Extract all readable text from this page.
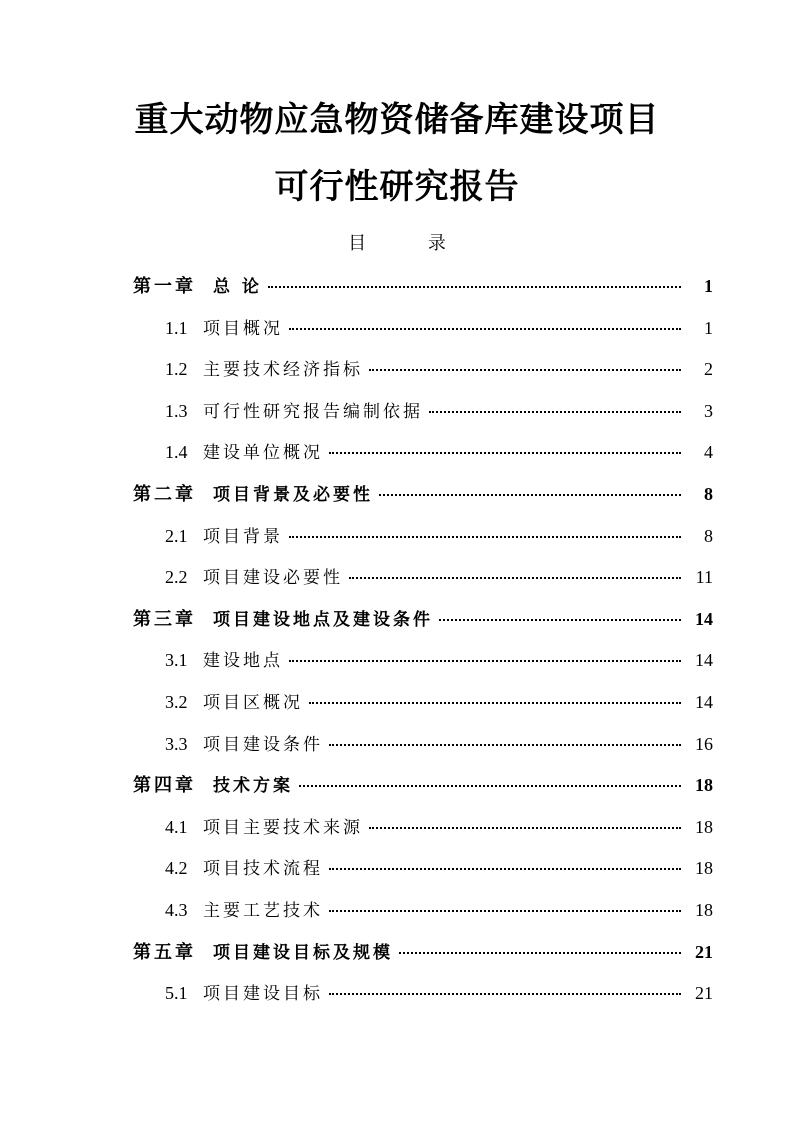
重大动物应急物资储备库建设项目
可行性研究报告
目 录
第一章	总 论	1
1.1 项目概况	1
1.2 主要技术经济指标	2
1.3 可行性研究报告编制依据	3
1.4 建设单位概况	4
第二章	项目背景及必要性	8
2.1 项目背景	8
2.2 项目建设必要性	11
第三章	项目建设地点及建设条件	14
3.1 建设地点	14
3.2 项目区概况	14
3.3 项目建设条件	16
第四章	技术方案	18
4.1 项目主要技术来源	18
4.2 项目技术流程	18
4.3 主要工艺技术	18
第五章	项目建设目标及规模	21
5.1 项目建设目标	21
